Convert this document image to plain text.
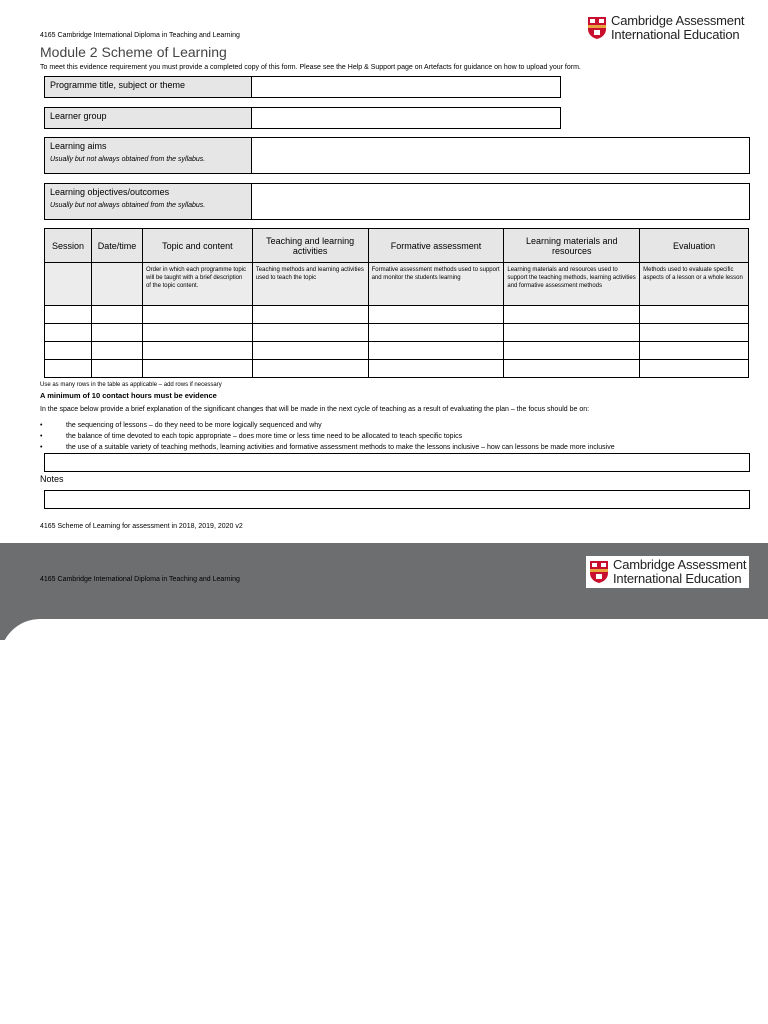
4165 Cambridge International Diploma in Teaching and Learning
Module 2 Scheme of Learning
To meet this evidence requirement you must provide a completed copy of this form. Please see the Help & Support page on Artefacts for guidance on how to upload your form.
Cambridge Assessment
International Education
Programme title, subject or theme
Learner group
Learning aims
Usually but not always obtained from the syllabus.
Learning objectives/outcomes
Usually but not always obtained from the syllabus.
Session	Date/time	Topic and content	Teaching and learning activities	Formative assessment	Learning materials and resources	Evaluation
		Order in which each programme topic will be taught with a brief description of the topic content.	Teaching methods and learning activities used to teach the topic	Formative assessment methods used to support and monitor the students learning	Learning materials and resources used to support the teaching methods, learning activities and formative assessment methods	Methods used to evaluate specific aspects of a lesson or a whole lesson

Use as many rows in the table as applicable – add rows if necessary
A minimum of 10 contact hours must be evidence
In the space below provide a brief explanation of the significant changes that will be made in the next cycle of teaching as a result of evaluating the plan – the focus should be on:
•	the sequencing of lessons – do they need to be more logically sequenced and why
•	the balance of time devoted to each topic appropriate – does more time or less time need to be allocated to teach specific topics
•	the use of a suitable variety of teaching methods, learning activities and formative assessment methods to make the lessons inclusive – how can lessons be made more inclusive
Notes
4165 Scheme of Learning for assessment in 2018, 2019, 2020 v2
4165 Cambridge International Diploma in Teaching and Learning
Cambridge Assessment
International Education
